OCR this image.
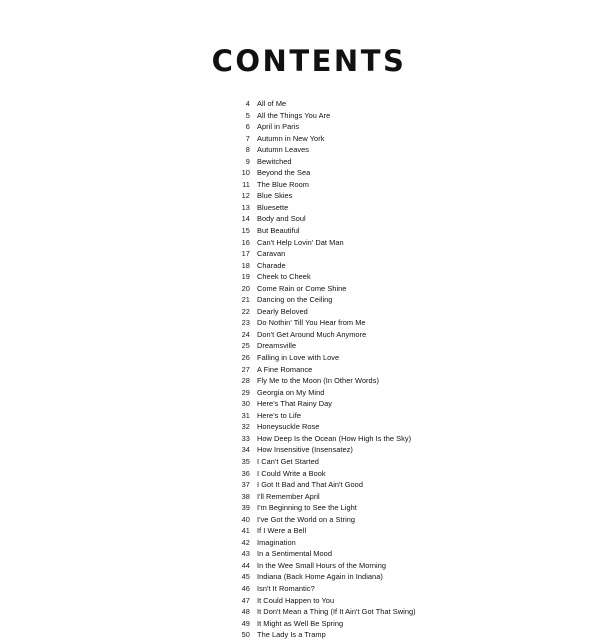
CONTENTS
4 All of Me
5 All the Things You Are
6 April in Paris
7 Autumn in New York
8 Autumn Leaves
9 Bewitched
10 Beyond the Sea
11 The Blue Room
12 Blue Skies
13 Bluesette
14 Body and Soul
15 But Beautiful
16 Can't Help Lovin' Dat Man
17 Caravan
18 Charade
19 Cheek to Cheek
20 Come Rain or Come Shine
21 Dancing on the Ceiling
22 Dearly Beloved
23 Do Nothin' Till You Hear from Me
24 Don't Get Around Much Anymore
25 Dreamsville
26 Falling in Love with Love
27 A Fine Romance
28 Fly Me to the Moon (In Other Words)
29 Georgia on My Mind
30 Here's That Rainy Day
31 Here's to Life
32 Honeysuckle Rose
33 How Deep Is the Ocean (How High Is the Sky)
34 How Insensitive (Insensatez)
35 I Can't Get Started
36 I Could Write a Book
37 I Got It Bad and That Ain't Good
38 I'll Remember April
39 I'm Beginning to See the Light
40 I've Got the World on a String
41 If I Were a Bell
42 Imagination
43 In a Sentimental Mood
44 In the Wee Small Hours of the Morning
45 Indiana (Back Home Again in Indiana)
46 Isn't It Romantic?
47 It Could Happen to You
48 It Don't Mean a Thing (If It Ain't Got That Swing)
49 It Might as Well Be Spring
50 The Lady Is a Tramp
